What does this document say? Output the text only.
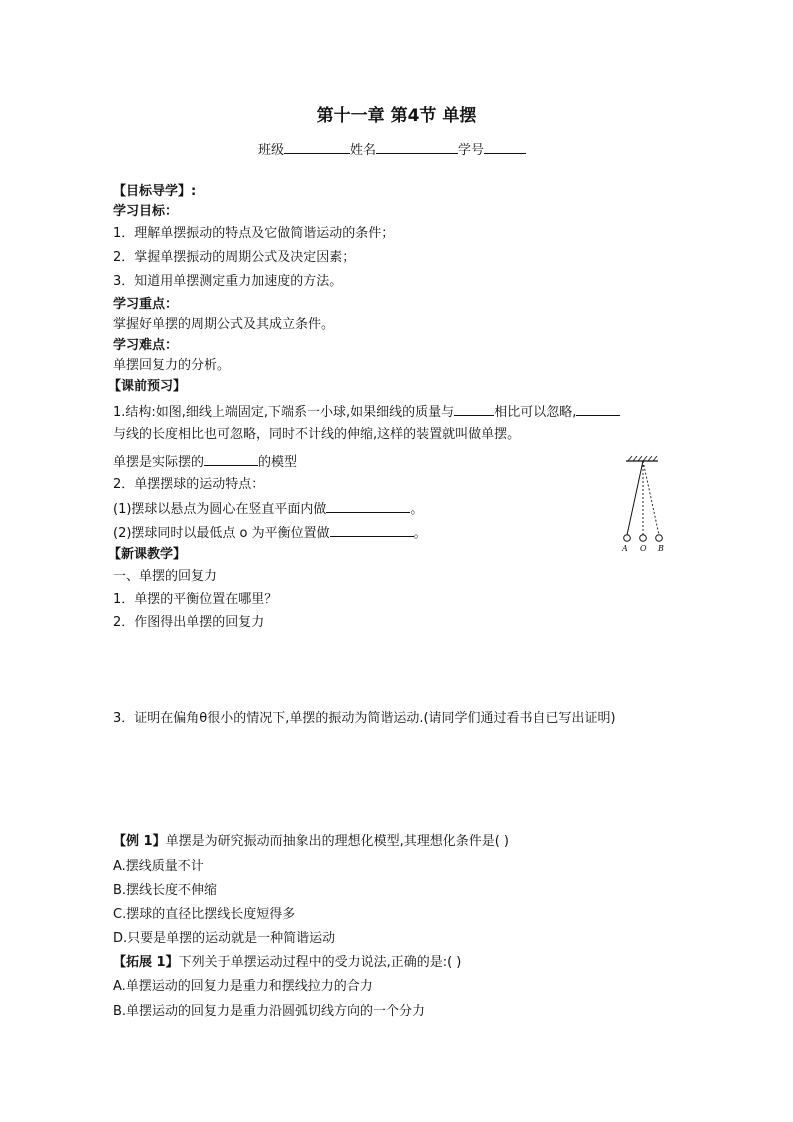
第十一章 第4节 单摆
班级	姓名	学号
【目标导学】:
学习目标：
1．理解单摆振动的特点及它做简谐运动的条件；
2．掌握单摆振动的周期公式及决定因素；
3．知道用单摆测定重力加速度的方法。
学习重点：
掌握好单摆的周期公式及其成立条件。
学习难点：
单摆回复力的分析。
【课前预习】
1.结构:如图,细线上端固定,下端系一小球,如果细线的质量与	相比可以忽略,
与线的长度相比也可忽略，同时不计线的伸缩,这样的装置就叫做单摆。
单摆是实际摆的	的模型
2．单摆摆球的运动特点：
(1)摆球以悬点为圆心在竖直平面内做	。
(2)摆球同时以最低点 o 为平衡位置做	。
A O B
【新课教学】
一、单摆的回复力
1．单摆的平衡位置在哪里？
2．作图得出单摆的回复力
3．证明在偏角θ很小的情况下,单摆的振动为简谐运动.(请同学们通过看书自已写出证明)
【例 1】单摆是为研究振动而抽象出的理想化模型,其理想化条件是( )
A.摆线质量不计
B.摆线长度不伸缩
C.摆球的直径比摆线长度短得多
D.只要是单摆的运动就是一种简谐运动
【拓展 1】下列关于单摆运动过程中的受力说法,正确的是:( )
A.单摆运动的回复力是重力和摆线拉力的合力
B.单摆运动的回复力是重力沿圆弧切线方向的一个分力
